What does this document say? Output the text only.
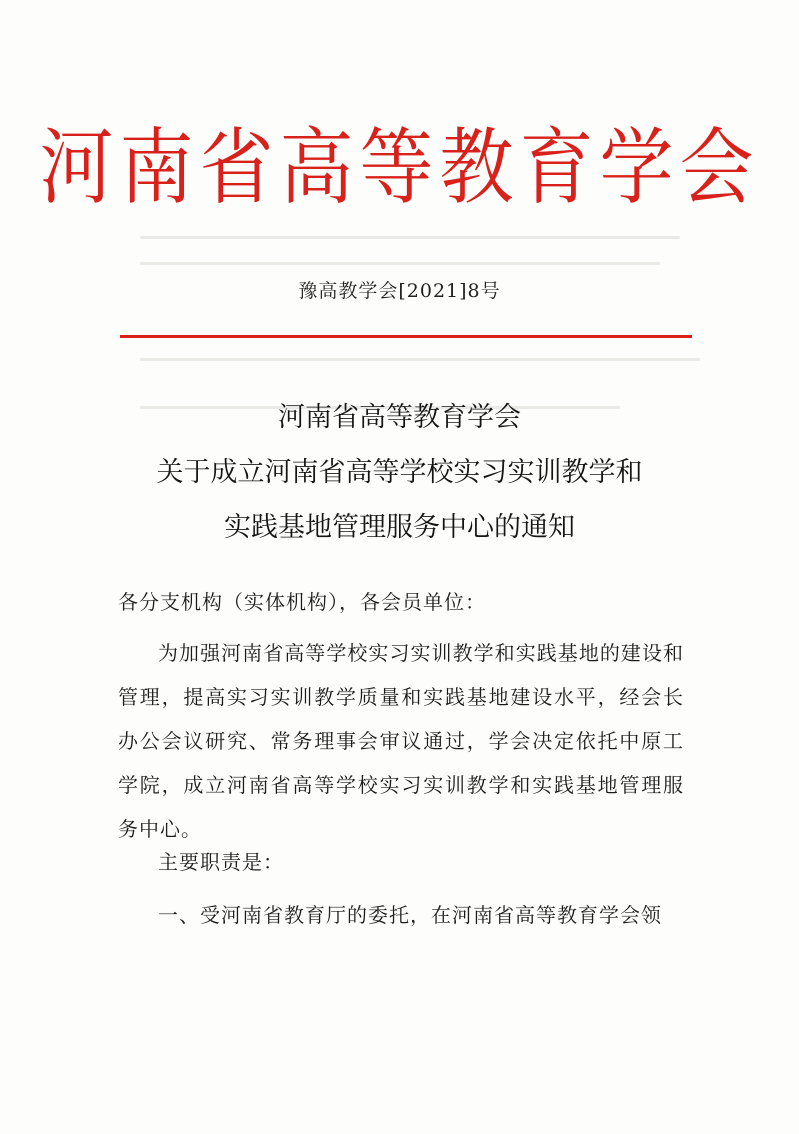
河南省高等教育学会
豫高教学会[2021]8号
河南省高等教育学会
关于成立河南省高等学校实习实训教学和
实践基地管理服务中心的通知
各分支机构（实体机构），各会员单位：
为加强河南省高等学校实习实训教学和实践基地的建设和管理，提高实习实训教学质量和实践基地建设水平，经会长办公会议研究、常务理事会审议通过，学会决定依托中原工学院，成立河南省高等学校实习实训教学和实践基地管理服务中心。
主要职责是：
一、受河南省教育厅的委托，在河南省高等教育学会领
